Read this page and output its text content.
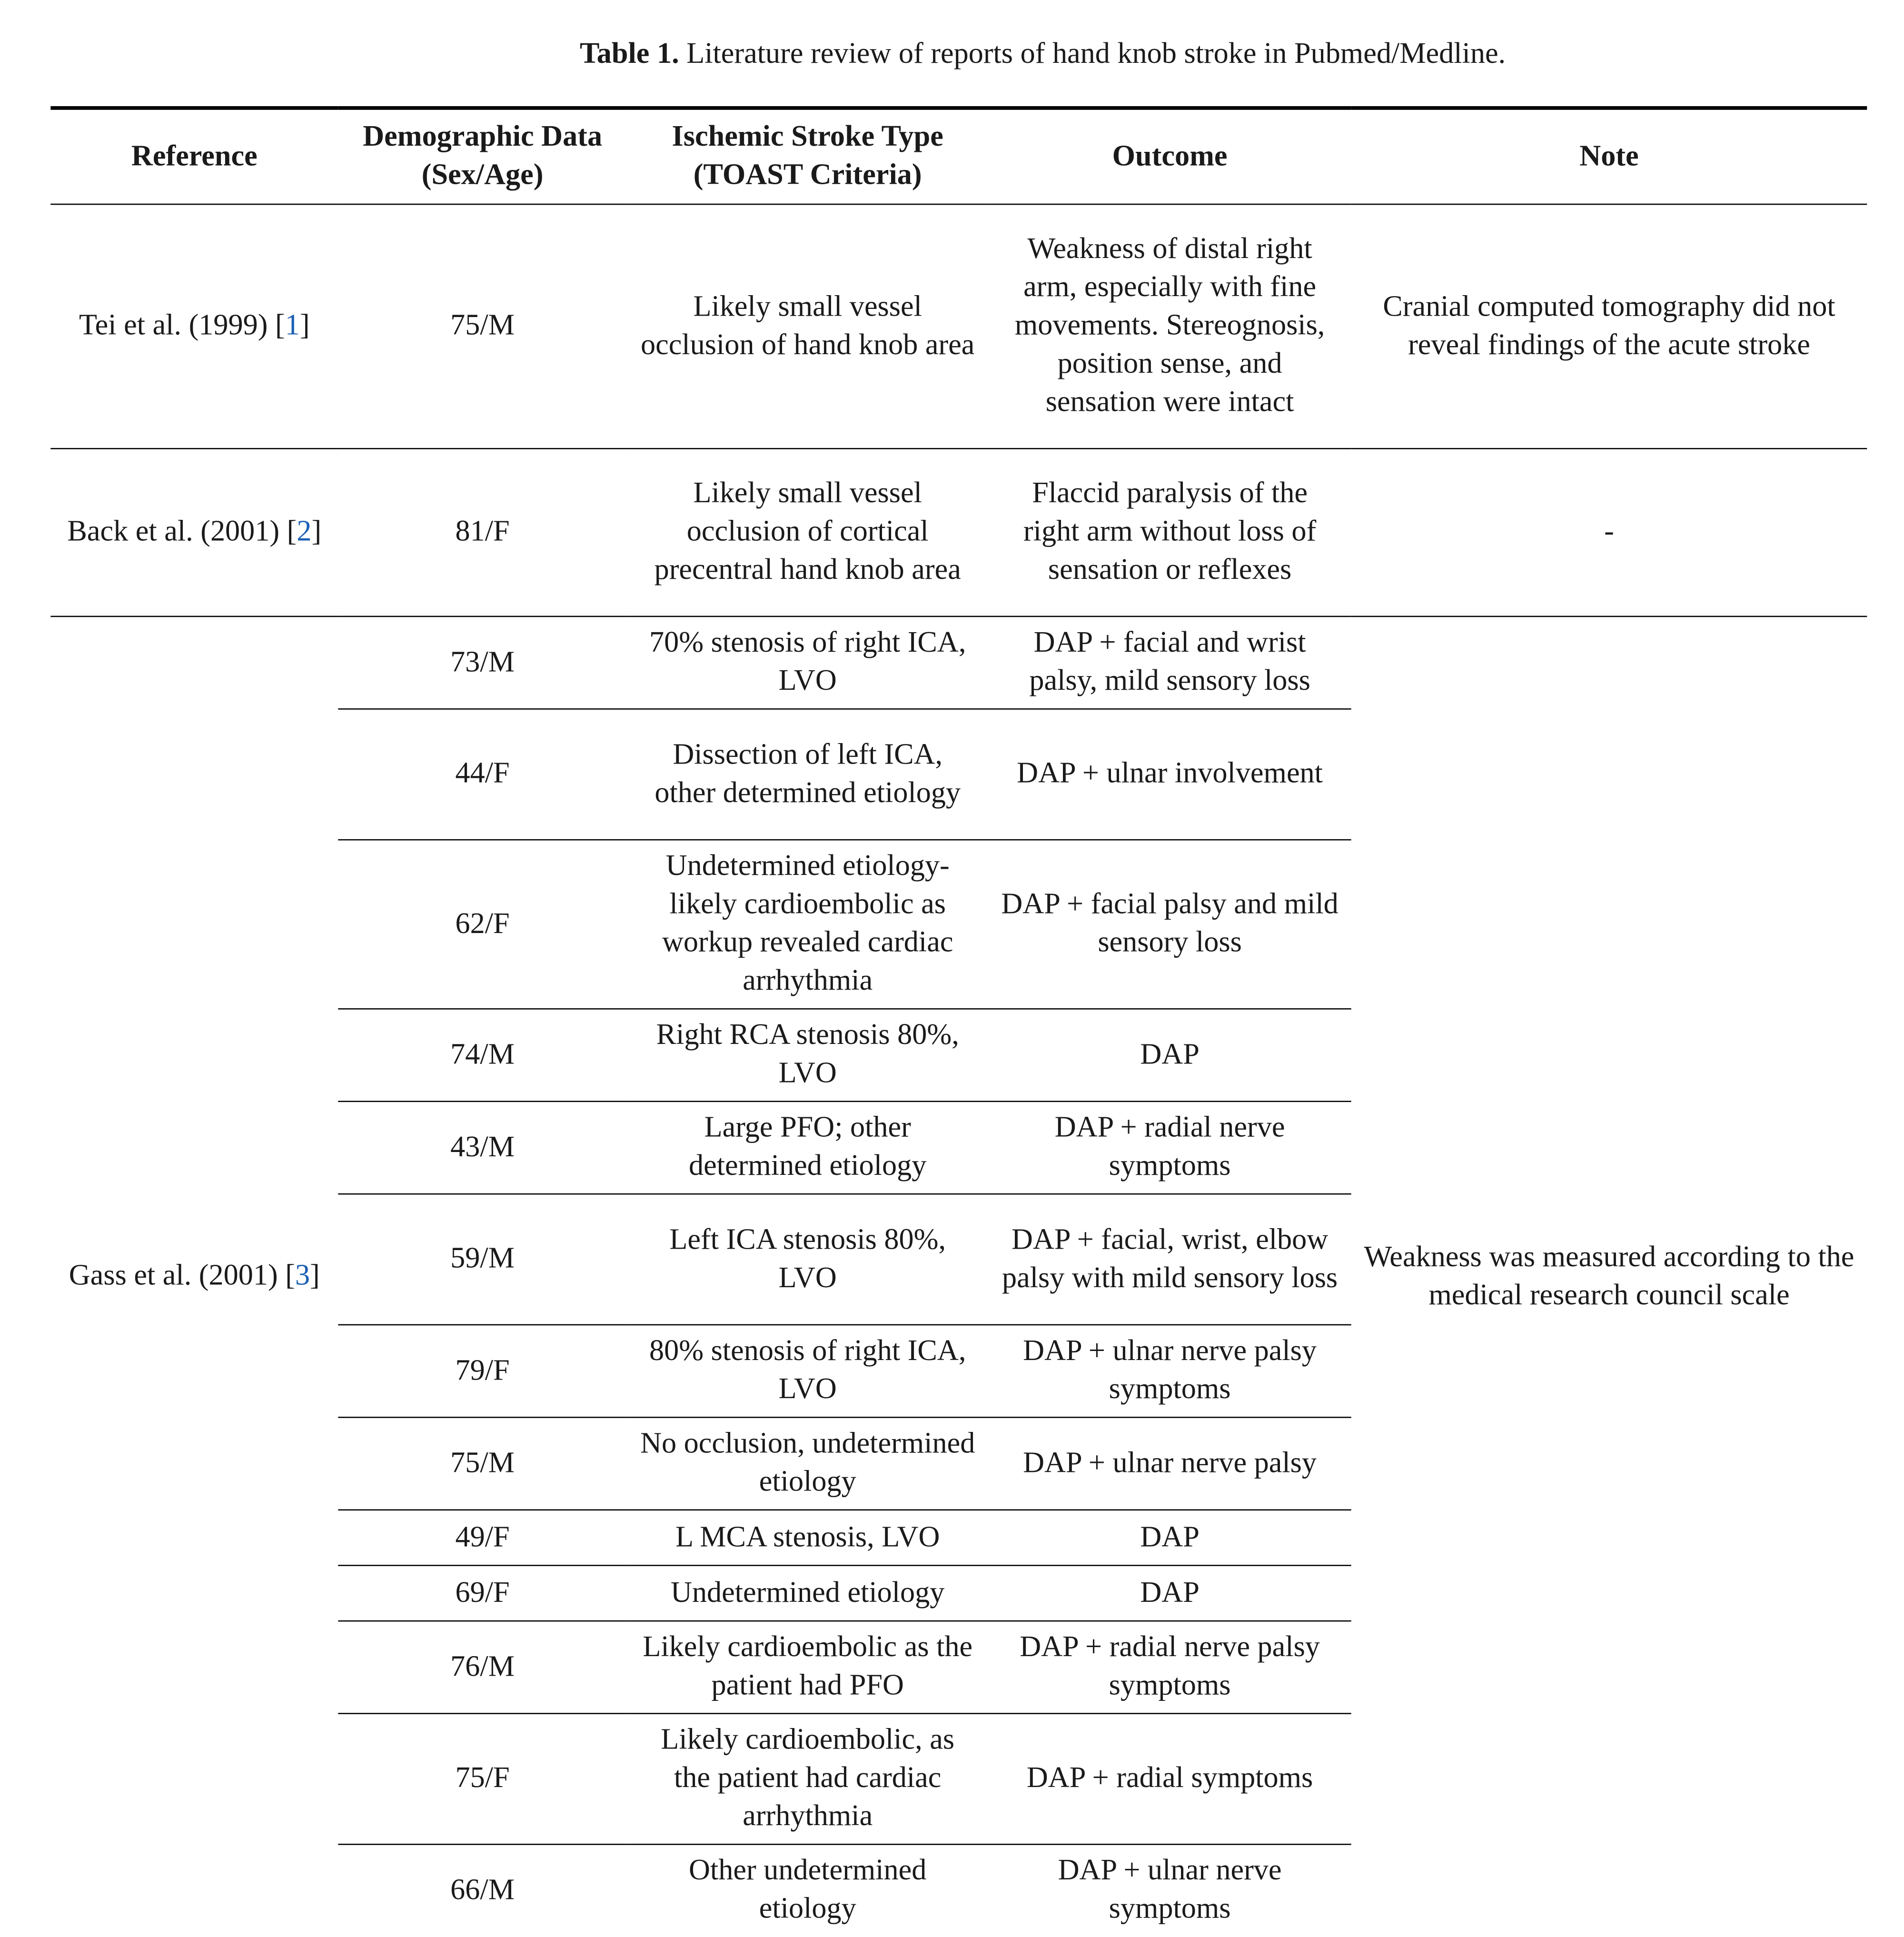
Table 1. Literature review of reports of hand knob stroke in Pubmed/Medline.
Reference	Demographic Data (Sex/Age)	Ischemic Stroke Type (TOAST Criteria)	Outcome	Note
Tei et al. (1999) [1]	75/M	Likely small vessel occlusion of hand knob area	Weakness of distal right arm, especially with fine movements. Stereognosis, position sense, and sensation were intact	Cranial computed tomography did not reveal findings of the acute stroke
Back et al. (2001) [2]	81/F	Likely small vessel occlusion of cortical precentral hand knob area	Flaccid paralysis of the right arm without loss of sensation or reflexes	-
Gass et al. (2001) [3]	73/M	70% stenosis of right ICA, LVO	DAP + facial and wrist palsy, mild sensory loss	Weakness was measured according to the medical research council scale
	44/F	Dissection of left ICA, other determined etiology	DAP + ulnar involvement	
	62/F	Undetermined etiology-likely cardioembolic as workup revealed cardiac arrhythmia	DAP + facial palsy and mild sensory loss	
	74/M	Right RCA stenosis 80%, LVO	DAP	
	43/M	Large PFO; other determined etiology	DAP + radial nerve symptoms	
	59/M	Left ICA stenosis 80%, LVO	DAP + facial, wrist, elbow palsy with mild sensory loss	
	79/F	80% stenosis of right ICA, LVO	DAP + ulnar nerve palsy symptoms	
	75/M	No occlusion, undetermined etiology	DAP + ulnar nerve palsy	
	49/F	L MCA stenosis, LVO	DAP	
	69/F	Undetermined etiology	DAP	
	76/M	Likely cardioembolic as the patient had PFO	DAP + radial nerve palsy symptoms	
	75/F	Likely cardioembolic, as the patient had cardiac arrhythmia	DAP + radial symptoms	
	66/M	Other undetermined etiology	DAP + ulnar nerve symptoms	
